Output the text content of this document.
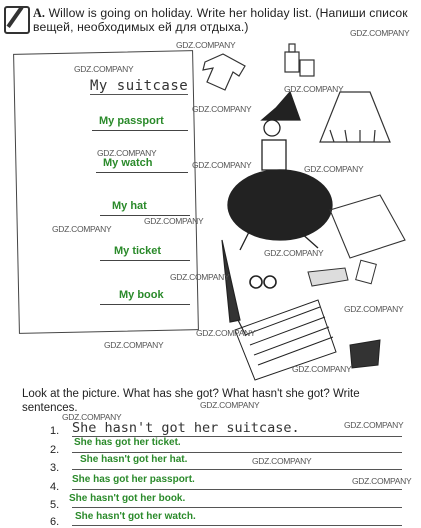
A. Willow is going on holiday. Write her holiday list. (Напиши список вещей, необходимых ей для отдыха.)
My suitcase
My passport
My watch
My hat
My ticket
My book
GDZ.COMPANY
GDZ.COMPANY
GDZ.COMPANY
GDZ.COMPANY
GDZ.COMPANY
GDZ.COMPANY
GDZ.COMPANY	GDZ.COMPANY
GDZ.COMPANY
GDZ.COMPANY
GDZ.COMPANY
GDZ.COMPANY
GDZ.COMPANY
GDZ.COMPANY
GDZ.COMPANY
GDZ.COMPANY
GDZ.COMPANY
GDZ.COMPANY
GDZ.COMPANY
GDZ.COMPANY
GDZ.COMPANY
Look at the picture. What has she got? What hasn't she got? Write sentences.
1. She hasn't got her suitcase.
2.
She has got her ticket.
3.
She hasn't got her hat.
4.
She has got her passport.
5.
She hasn't got her book.
6. She hasn't got her watch.
